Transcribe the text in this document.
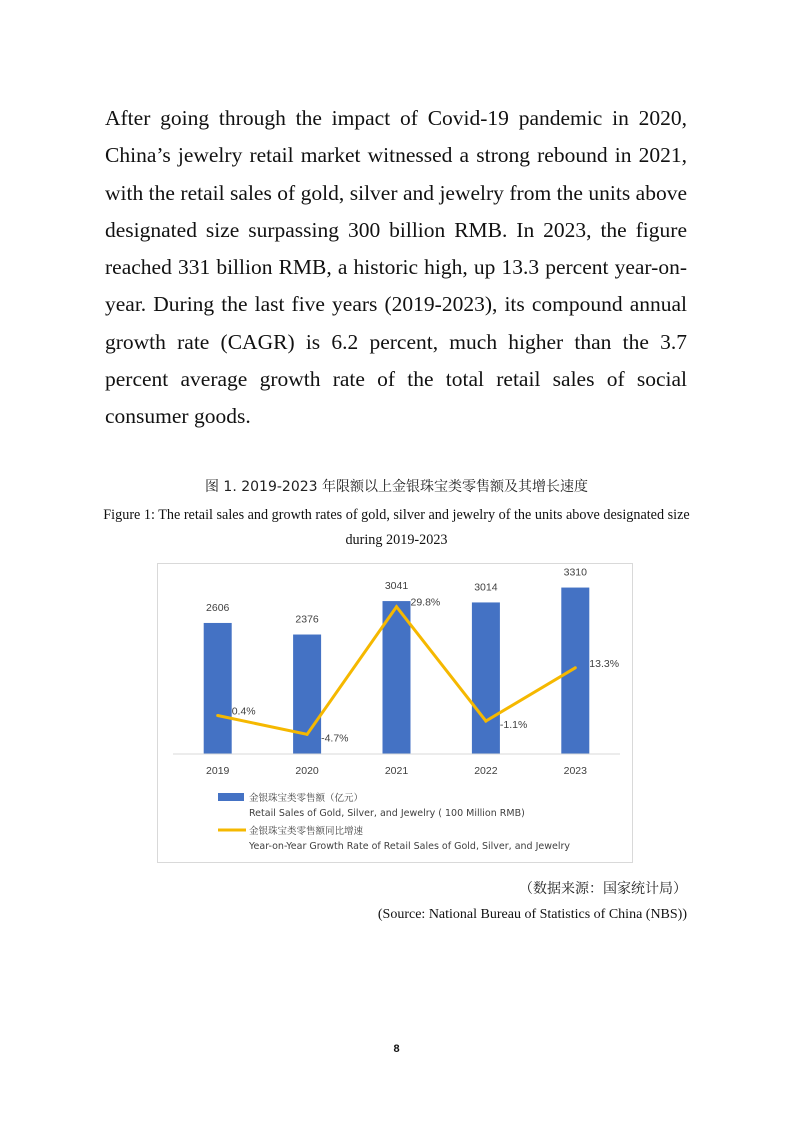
After going through the impact of Covid-19 pandemic in 2020, China’s jewelry retail market witnessed a strong rebound in 2021, with the retail sales of gold, silver and jewelry from the units above designated size surpassing 300 billion RMB. In 2023, the figure reached 331 billion RMB, a historic high, up 13.3 percent year-on-year. During the last five years (2019-2023), its compound annual growth rate (CAGR) is 6.2 percent, much higher than the 3.7 percent average growth rate of the total retail sales of social consumer goods.

图 1. 2019-2023 年限额以上金银珠宝类零售额及其增长速度
Figure 1: The retail sales and growth rates of gold, silver and jewelry of the units above designated size during 2019-2023
2606
2376
3041	3014
3310
2019	2020	2021	2022	2023
0.4%
-4.7%
29.8%
-1.1%
13.3%
金银珠宝类零售额（亿元）
Retail Sales of Gold, Silver, and Jewelry ( 100 Million RMB)
金银珠宝类零售额同比增速
Year-on-Year Growth Rate of Retail Sales of Gold, Silver, and Jewelry
（数据来源：国家统计局）
(Source: National Bureau of Statistics of China (NBS))
8
